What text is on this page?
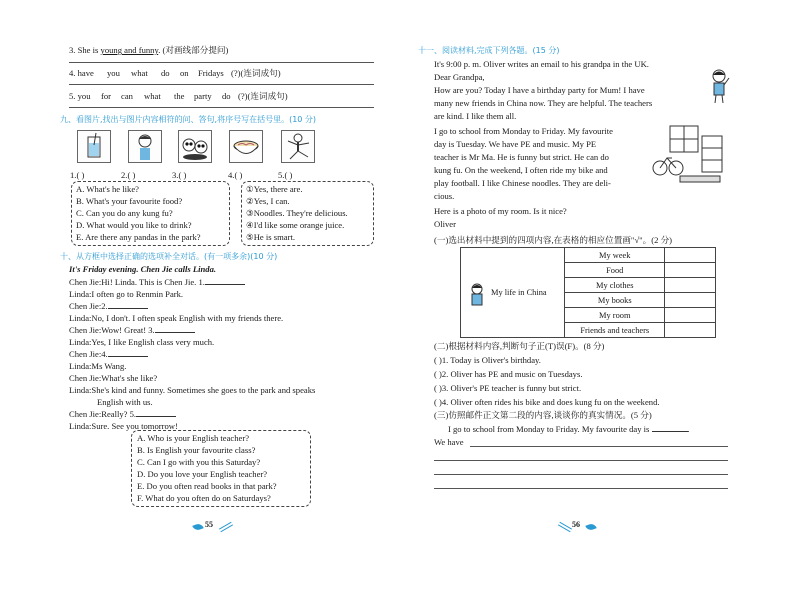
3. She is young and funny. (对画线部分提问)
4. have you what do on Fridays (?)(连词成句)
5. you for can what the party do (?)(连词成句)
九、看图片,找出与图片内容相符的问、答句,将序号写在括号里。(10 分)
1.( )	2.( )	3.( )	4.( )	5.( )
A. What's he like?
B. What's your favourite food?
C. Can you do any kung fu?
D. What would you like to drink?
E. Are there any pandas in the park?
①Yes, there are.
②Yes, I can.
③Noodles. They're delicious.
④I'd like some orange juice.
⑤He is smart.
十、从方框中选择正确的选项补全对话。(有一项多余)(10 分)
It's Friday evening. Chen Jie calls Linda.
Chen Jie:Hi! Linda. This is Chen Jie. 1.
Linda:I often go to Renmin Park.
Chen Jie:2.
Linda:No, I don't. I often speak English with my friends there.
Chen Jie:Wow! Great! 3.
Linda:Yes, I like English class very much.
Chen Jie:4.
Linda:Ms Wang.
Chen Jie:What's she like?
Linda:She's kind and funny. Sometimes she goes to the park and speaks
English with us.
Chen Jie:Really? 5.
Linda:Sure. See you tomorrow!
A. Who is your English teacher?
B. Is English your favourite class?
C. Can I go with you this Saturday?
D. Do you love your English teacher?
E. Do you often read books in that park?
F. What do you often do on Saturdays?
55
十一、阅读材料,完成下列各题。(15 分)
It's 9:00 p. m. Oliver writes an email to his grandpa in the UK.
Dear Grandpa,
How are you? Today I have a birthday party for Mum! I have
many new friends in China now. They are helpful. The teachers
are kind. I like them all.
I go to school from Monday to Friday. My favourite
day is Tuesday. We have PE and music. My PE
teacher is Mr Ma. He is funny but strict. He can do
kung fu. On the weekend, I often ride my bike and
play football. I like Chinese noodles. They are deli-
cious.
Here is a photo of my room. Is it nice?
Oliver
(一)选出材料中提到的四项内容,在表格的相应位置画"√"。(2 分)
My life in China	My week	
	Food	
	My clothes	
	My books	
	My room	
	Friends and teachers	
(二)根据材料内容,判断句子正(T)误(F)。(8 分)
( )1. Today is Oliver's birthday.
( )2. Oliver has PE and music on Tuesdays.
( )3. Oliver's PE teacher is funny but strict.
( )4. Oliver often rides his bike and does kung fu on the weekend.
(三)仿照邮件正文第二段的内容,谈谈你的真实情况。(5 分)
I go to school from Monday to Friday. My favourite day is	.
We have
56
